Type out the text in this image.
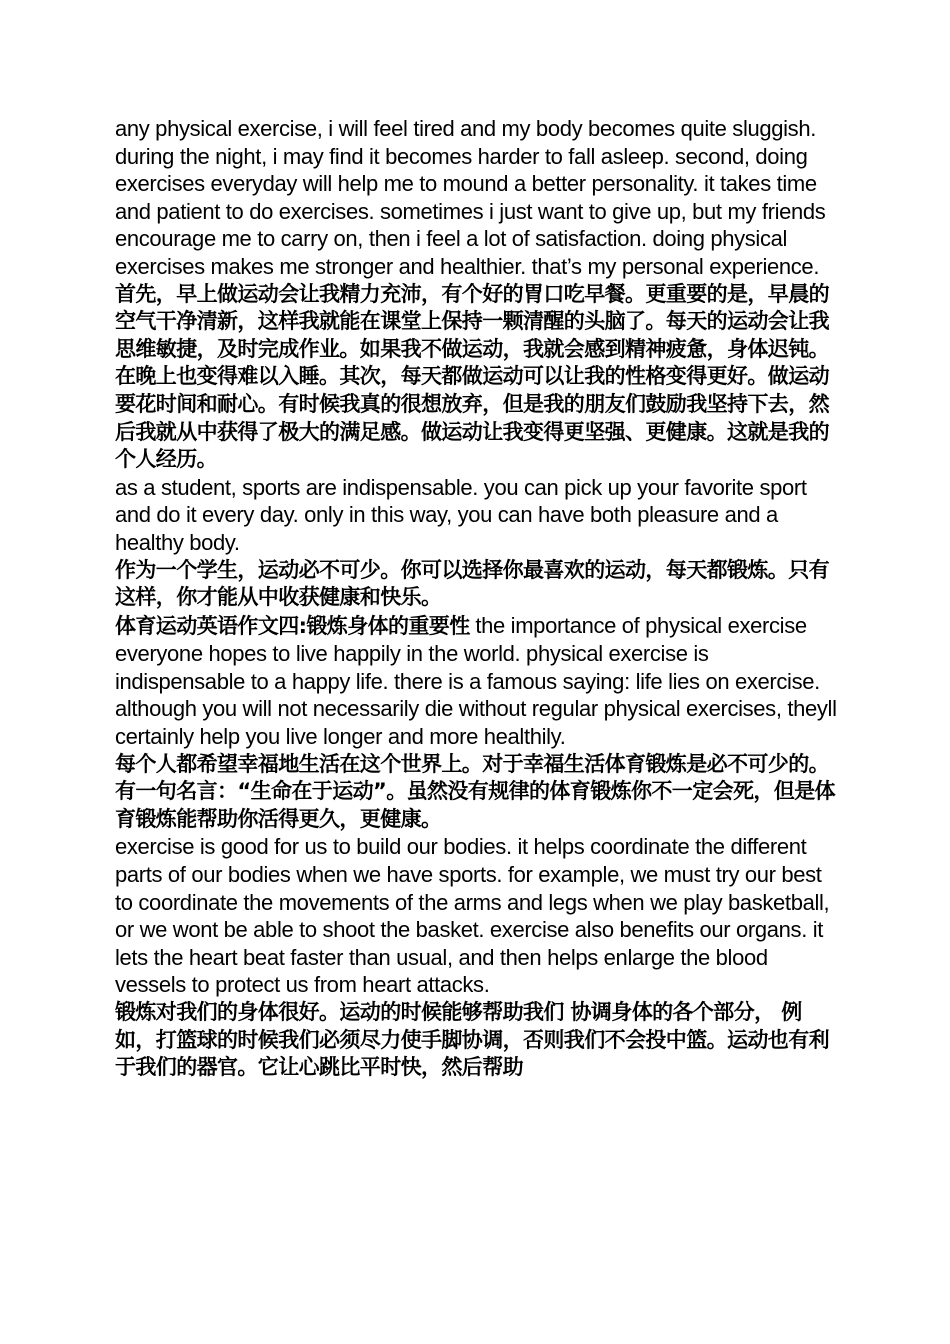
any physical exercise, i will feel tired and my body becomes quite sluggish. during the night, i may find it becomes harder to fall asleep. second, doing exercises everyday will help me to mound a better personality. it takes time and patient to do exercises. sometimes i just want to give up, but my friends encourage me to carry on, then i feel a lot of satisfaction. doing physical exercises makes me stronger and healthier. that’s my personal experience.

首先，早上做运动会让我精力充沛，有个好的胃口吃早餐。更重要的是，早晨的空气干净清新，这样我就能在课堂上保持一颗清醒的头脑了。每天的运动会让我思维敏捷，及时完成作业。如果我不做运动，我就会感到精神疲惫，身体迟钝。在晚上也变得难以入睡。其次，每天都做运动可以让我的性格变得更好。做运动要花时间和耐心。有时候我真的很想放弃，但是我的朋友们鼓励我坚持下去，然后我就从中获得了极大的满足感。做运动让我变得更坚强、更健康。这就是我的个人经历。

as a student, sports are indispensable. you can pick up your favorite sport and do it every day. only in this way, you can have both pleasure and a healthy body.

作为一个学生，运动必不可少。你可以选择你最喜欢的运动，每天都锻炼。只有这样，你才能从中收获健康和快乐。

体育运动英语作文四:锻炼身体的重要性 the importance of physical exercise

everyone hopes to live happily in the world. physical exercise is indispensable to a happy life. there is a famous saying: life lies on exercise. although you will not necessarily die without regular physical exercises, theyll certainly help you live longer and more healthily.

每个人都希望幸福地生活在这个世界上。对于幸福生活体育锻炼是必不可少的。有一句名言：“生命在于运动”。虽然没有规律的体育锻炼你不一定会死，但是体育锻炼能帮助你活得更久，更健康。

exercise is good for us to build our bodies. it helps coordinate the different parts of our bodies when we have sports. for example, we must try our best to coordinate the movements of the arms and legs when we play basketball, or we wont be able to shoot the basket. exercise also benefits our organs. it lets the heart beat faster than usual, and then helps enlarge the blood vessels to protect us from heart attacks.

锻炼对我们的身体很好。运动的时候能够帮助我们 协调身体的各个部分， 例如，打篮球的时候我们必须尽力使手脚协调，否则我们不会投中篮。运动也有利于我们的器官。它让心跳比平时快，然后帮助
